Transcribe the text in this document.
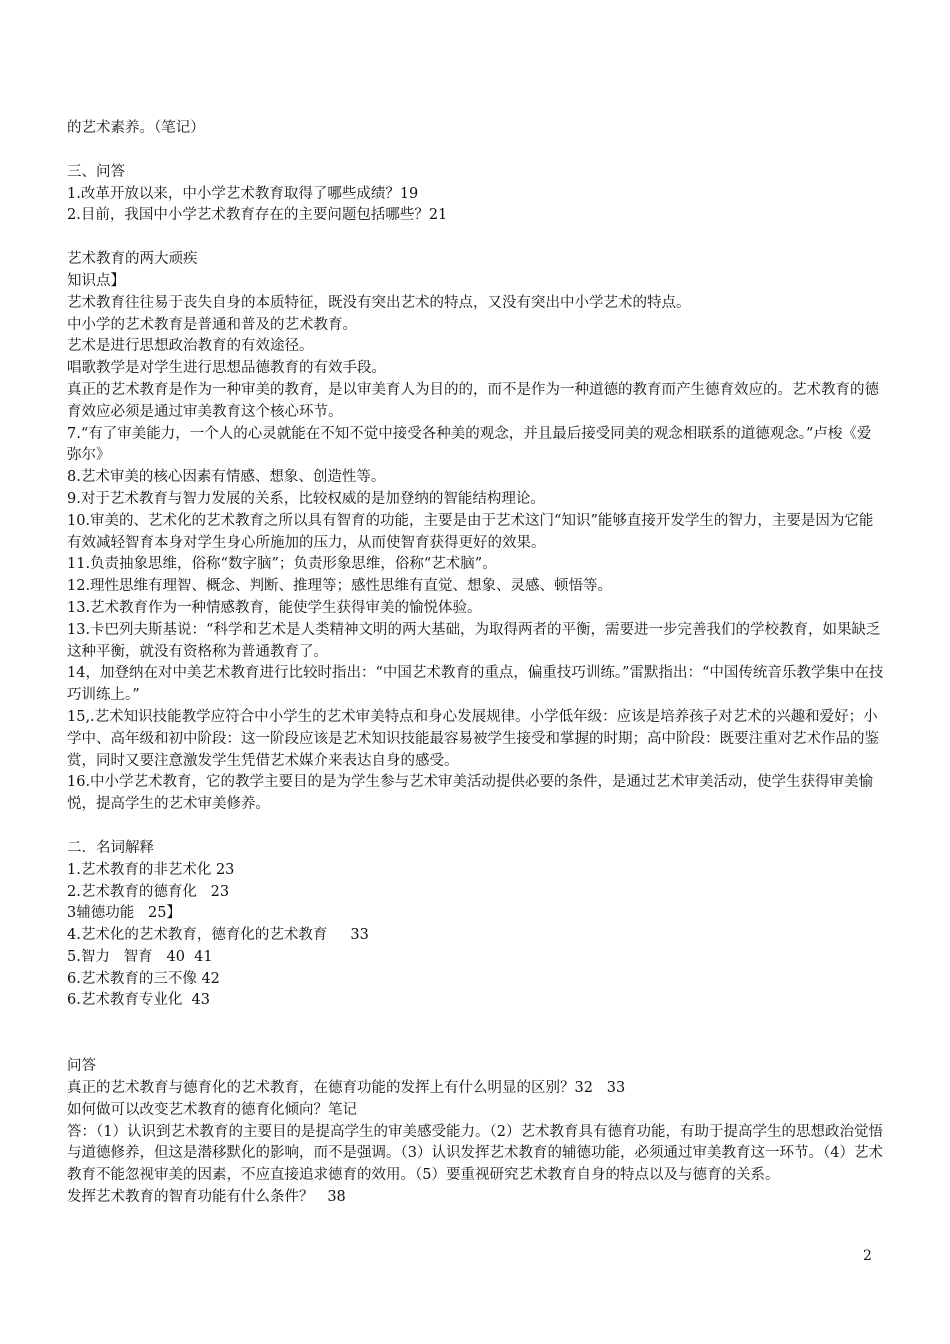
的艺术素养。（笔记）

三、问答

1.改革开放以来，中小学艺术教育取得了哪些成绩？19

2.目前，我国中小学艺术教育存在的主要问题包括哪些？21

艺术教育的两大顽疾

知识点】

艺术教育往往易于丧失自身的本质特征，既没有突出艺术的特点，又没有突出中小学艺术的特点。

中小学的艺术教育是普通和普及的艺术教育。

艺术是进行思想政治教育的有效途径。

唱歌教学是对学生进行思想品德教育的有效手段。

真正的艺术教育是作为一种审美的教育，是以审美育人为目的的，而不是作为一种道德的教育而产生德育效应的。艺术教育的德育效应必须是通过审美教育这个核心环节。

7.“有了审美能力，一个人的心灵就能在不知不觉中接受各种美的观念，并且最后接受同美的观念相联系的道德观念。”卢梭《爱弥尔》

8.艺术审美的核心因素有情感、想象、创造性等。

9.对于艺术教育与智力发展的关系，比较权威的是加登纳的智能结构理论。

10.审美的、艺术化的艺术教育之所以具有智育的功能，主要是由于艺术这门“知识”能够直接开发学生的智力，主要是因为它能有效减轻智育本身对学生身心所施加的压力，从而使智育获得更好的效果。

11.负责抽象思维，俗称“数字脑”；负责形象思维，俗称“艺术脑”。

12.理性思维有理智、概念、判断、推理等；感性思维有直觉、想象、灵感、顿悟等。

13.艺术教育作为一种情感教育，能使学生获得审美的愉悦体验。

13.卡巴列夫斯基说：“科学和艺术是人类精神文明的两大基础，为取得两者的平衡，需要进一步完善我们的学校教育，如果缺乏这种平衡，就没有资格称为普通教育了。

14，加登纳在对中美艺术教育进行比较时指出：“中国艺术教育的重点，偏重技巧训练。”雷默指出：“中国传统音乐教学集中在技巧训练上。”

15,.艺术知识技能教学应符合中小学生的艺术审美特点和身心发展规律。小学低年级：应该是培养孩子对艺术的兴趣和爱好；小学中、高年级和初中阶段：这一阶段应该是艺术知识技能最容易被学生接受和掌握的时期；高中阶段：既要注重对艺术作品的鉴赏，同时又要注意激发学生凭借艺术媒介来表达自身的感受。

16.中小学艺术教育，它的教学主要目的是为学生参与艺术审美活动提供必要的条件，是通过艺术审美活动，使学生获得审美愉悦，提高学生的艺术审美修养。

二．名词解释

1.艺术教育的非艺术化 23

2.艺术教育的德育化   23

3辅德功能   25】

4.艺术化的艺术教育，德育化的艺术教育     33

5.智力   智育   40  41

6.艺术教育的三不像 42

6.艺术教育专业化  43

问答

真正的艺术教育与德育化的艺术教育，在德育功能的发挥上有什么明显的区别？32   33

如何做可以改变艺术教育的德育化倾向？笔记

答：（1）认识到艺术教育的主要目的是提高学生的审美感受能力。（2）艺术教育具有德育功能，有助于提高学生的思想政治觉悟与道德修养，但这是潜移默化的影响，而不是强调。（3）认识发挥艺术教育的辅德功能，必须通过审美教育这一环节。（4）艺术教育不能忽视审美的因素，不应直接追求德育的效用。（5）要重视研究艺术教育自身的特点以及与德育的关系。

发挥艺术教育的智育功能有什么条件？   38

2
